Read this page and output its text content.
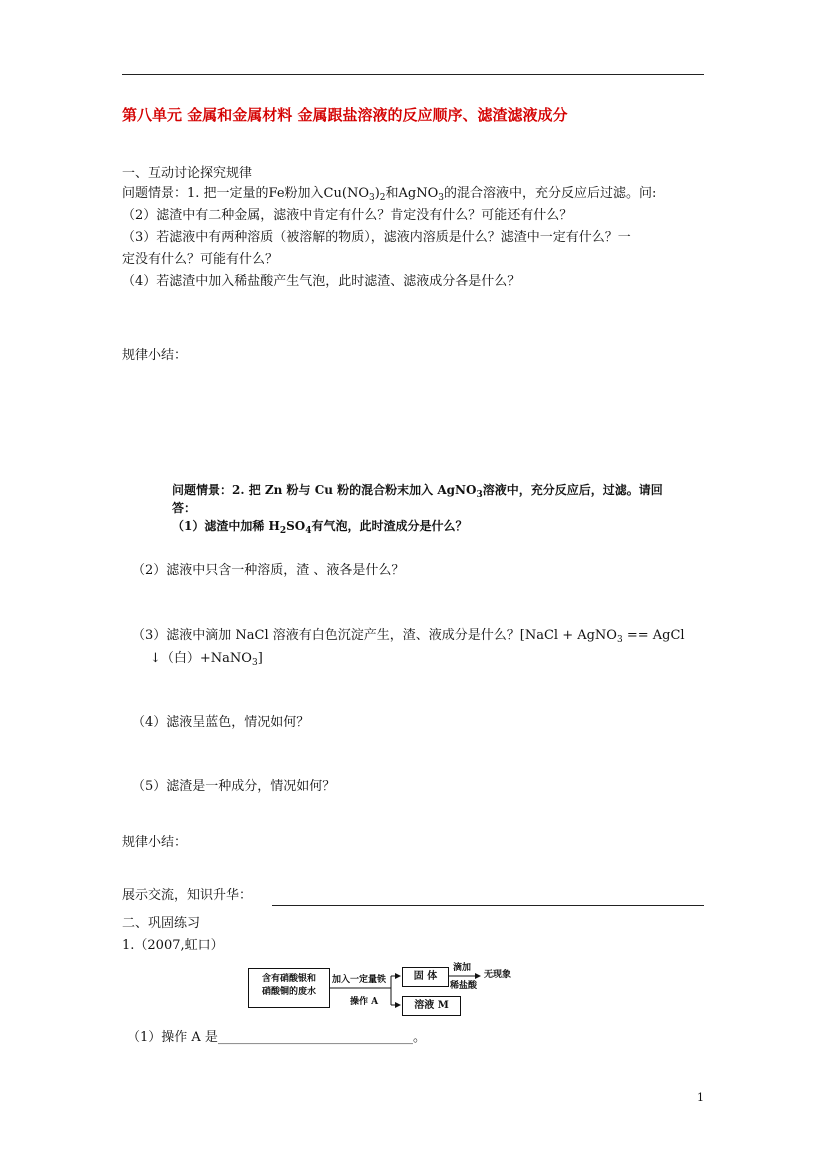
第八单元 金属和金属材料 金属跟盐溶液的反应顺序、滤渣滤液成分
一、互动讨论探究规律
问题情景：1. 把一定量的Fe粉加入$Cu(NO_3)_2$和AgNO$_3$的混合溶液中，充分反应后过滤。问:
（2）滤渣中有二种金属，滤液中肯定有什么？肯定没有什么？可能还有什么？
（3）若滤液中有两种溶质（被溶解的物质），滤液内溶质是什么？滤渣中一定有什么？一
定没有什么？可能有什么？
（4）若滤渣中加入稀盐酸产生气泡，此时滤渣、滤液成分各是什么？
规律小结：
问题情景：2. 把 Zn 粉与 Cu 粉的混合粉末加入 AgNO$_3$溶液中，充分反应后，过滤。请回
答：
（1）滤渣中加稀 $H_2SO_4$有气泡，此时渣成分是什么？
（2）滤液中只含一种溶质，渣 、液各是什么？
（3）滤液中滴加 NaCl 溶液有白色沉淀产生，渣、液成分是什么？[NaCl + AgNO$_3$ == AgCl
↓（白）+NaNO$_3$]
（4）滤液呈蓝色，情况如何？
（5）滤渣是一种成分，情况如何？
规律小结：
展示交流，知识升华：
二、巩固练习
1.（2007,虹口）
含有硝酸银和
硝酸铜的废水
加入一定量铁
操作 A
固 体
溶液 M
滴加
稀盐酸
无现象
（1）操作 A 是______________________________。
1
